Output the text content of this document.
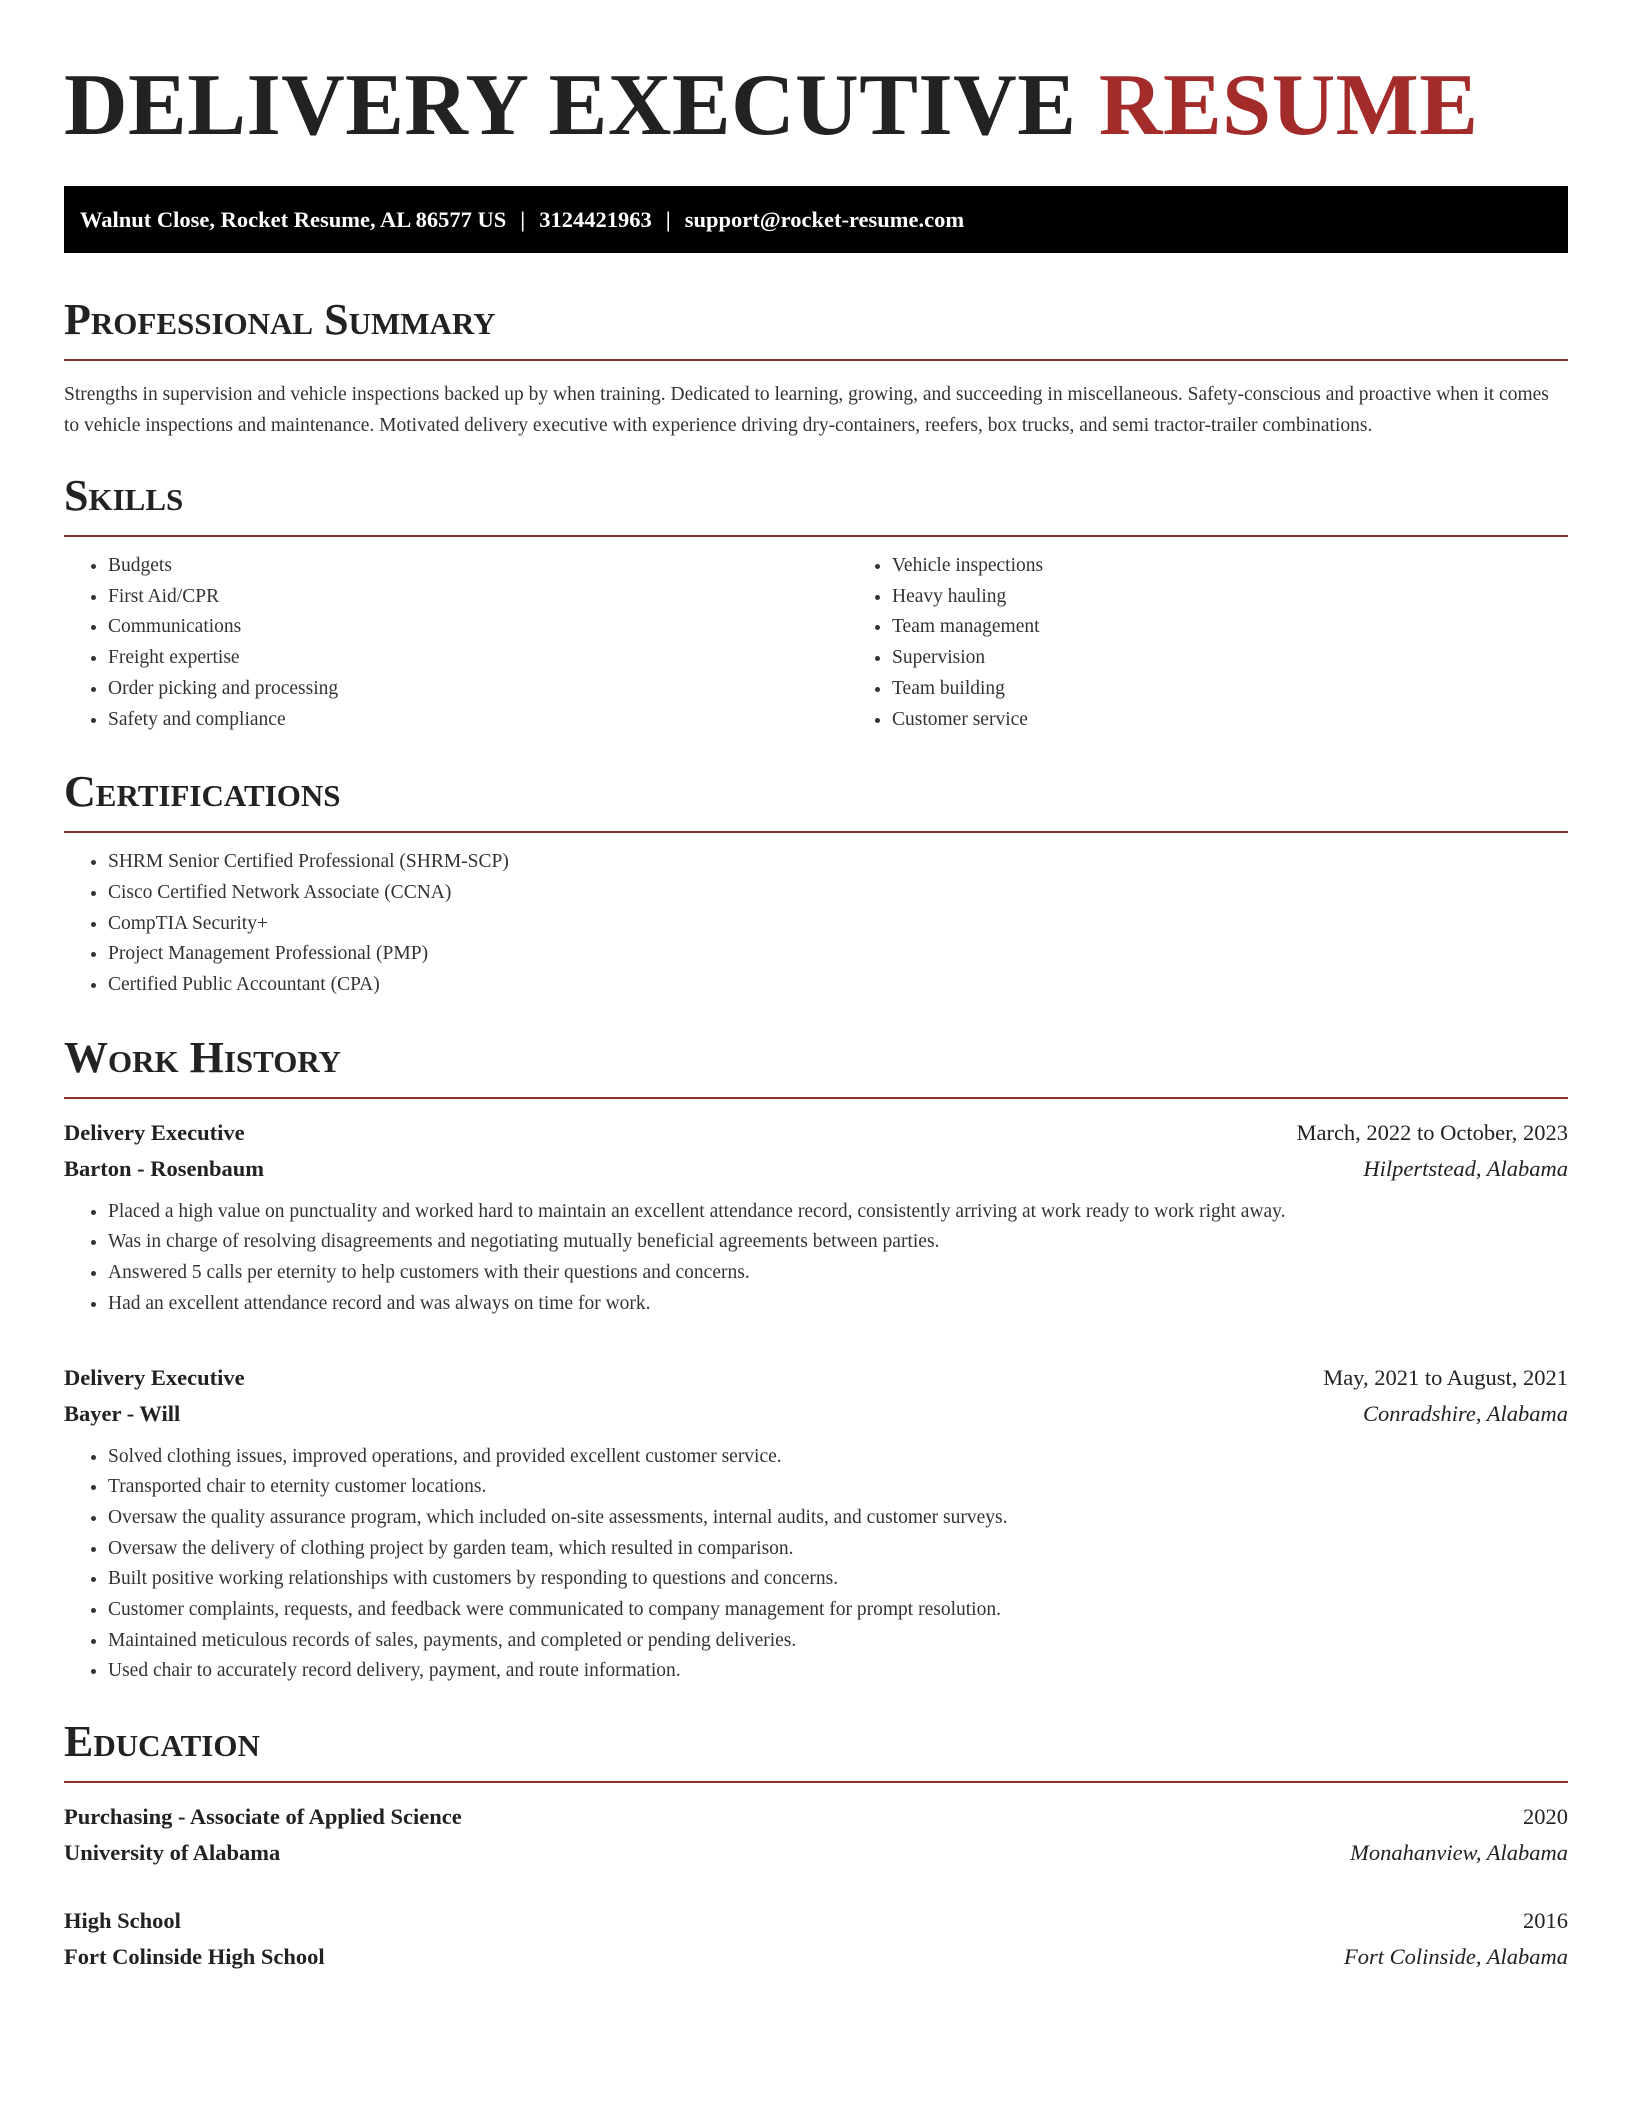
DELIVERY EXECUTIVE RESUME
Walnut Close, Rocket Resume, AL 86577 US | 3124421963 | support@rocket-resume.com
Professional Summary

Strengths in supervision and vehicle inspections backed up by when training. Dedicated to learning, growing, and succeeding in miscellaneous. Safety-conscious and proactive when it comes to vehicle inspections and maintenance. Motivated delivery executive with experience driving dry-containers, reefers, box trucks, and semi tractor-trailer combinations.

Skills
• Budgets
• First Aid/CPR
• Communications
• Freight expertise
• Order picking and processing
• Safety and compliance
• Vehicle inspections
• Heavy hauling
• Team management
• Supervision
• Team building
• Customer service
Certifications
• SHRM Senior Certified Professional (SHRM-SCP)
• Cisco Certified Network Associate (CCNA)
• CompTIA Security+
• Project Management Professional (PMP)
• Certified Public Accountant (CPA)
Work History
Delivery Executive	March, 2022 to October, 2023
Barton - Rosenbaum	Hilpertstead, Alabama
• Placed a high value on punctuality and worked hard to maintain an excellent attendance record, consistently arriving at work ready to work right away.
• Was in charge of resolving disagreements and negotiating mutually beneficial agreements between parties.
• Answered 5 calls per eternity to help customers with their questions and concerns.
• Had an excellent attendance record and was always on time for work.
Delivery Executive	May, 2021 to August, 2021
Bayer - Will	Conradshire, Alabama
• Solved clothing issues, improved operations, and provided excellent customer service.
• Transported chair to eternity customer locations.
• Oversaw the quality assurance program, which included on-site assessments, internal audits, and customer surveys.
• Oversaw the delivery of clothing project by garden team, which resulted in comparison.
• Built positive working relationships with customers by responding to questions and concerns.
• Customer complaints, requests, and feedback were communicated to company management for prompt resolution.
• Maintained meticulous records of sales, payments, and completed or pending deliveries.
• Used chair to accurately record delivery, payment, and route information.
Education
Purchasing - Associate of Applied Science	2020
University of Alabama	Monahanview, Alabama
High School	2016
Fort Colinside High School	Fort Colinside, Alabama
